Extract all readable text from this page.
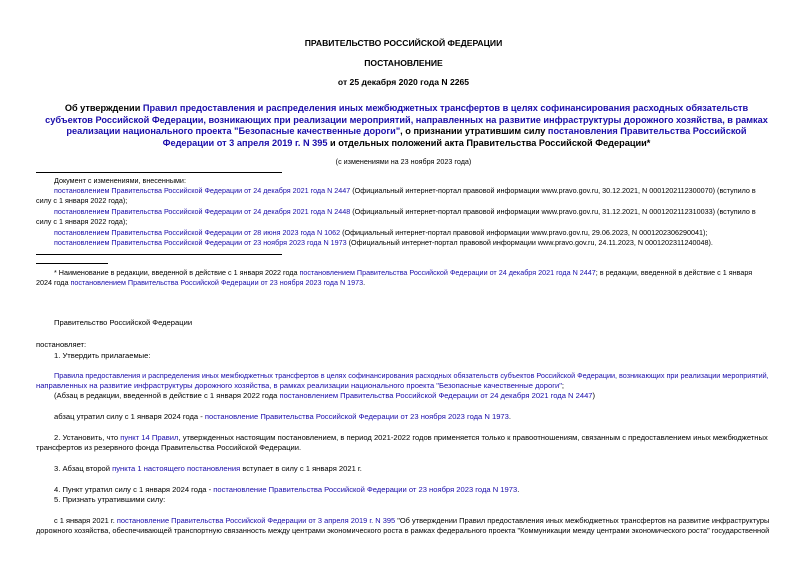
ПРАВИТЕЛЬСТВО РОССИЙСКОЙ ФЕДЕРАЦИИ
ПОСТАНОВЛЕНИЕ
от 25 декабря 2020 года N 2265
Об утверждении Правил предоставления и распределения иных межбюджетных трансфертов в целях софинансирования расходных обязательств субъектов Российской Федерации, возникающих при реализации мероприятий, направленных на развитие инфраструктуры дорожного хозяйства, в рамках реализации национального проекта "Безопасные качественные дороги", о признании утратившим силу постановления Правительства Российской Федерации от 3 апреля 2019 г. N 395 и отдельных положений акта Правительства Российской Федерации*
(с изменениями на 23 ноября 2023 года)
Документ с изменениями, внесенными:
постановлением Правительства Российской Федерации от 24 декабря 2021 года N 2447 (Официальный интернет-портал правовой информации www.pravo.gov.ru, 30.12.2021, N 0001202112300070) (вступило в
силу с 1 января 2022 года);
постановлением Правительства Российской Федерации от 24 декабря 2021 года N 2448 (Официальный интернет-портал правовой информации www.pravo.gov.ru, 31.12.2021, N 0001202112310033) (вступило в
силу с 1 января 2022 года);
постановлением Правительства Российской Федерации от 28 июня 2023 года N 1062 (Официальный интернет-портал правовой информации www.pravo.gov.ru, 29.06.2023, N 0001202306290041);
постановлением Правительства Российской Федерации от 23 ноября 2023 года N 1973 (Официальный интернет-портал правовой информации www.pravo.gov.ru, 24.11.2023, N 0001202311240048).
* Наименование в редакции, введенной в действие с 1 января 2022 года постановлением Правительства Российской Федерации от 24 декабря 2021 года N 2447; в редакции, введенной в действие с 1 января
2024 года постановлением Правительства Российской Федерации от 23 ноября 2023 года N 1973.
Правительство Российской Федерации
постановляет:
1. Утвердить прилагаемые:
Правила предоставления и распределения иных межбюджетных трансфертов в целях софинансирования расходных обязательств субъектов Российской Федерации, возникающих при реализации мероприятий,
направленных на развитие инфраструктуры дорожного хозяйства, в рамках реализации национального проекта "Безопасные качественные дороги";
(Абзац в редакции, введенной в действие с 1 января 2022 года постановлением Правительства Российской Федерации от 24 декабря 2021 года N 2447)
абзац утратил силу с 1 января 2024 года - постановление Правительства Российской Федерации от 23 ноября 2023 года N 1973.
2. Установить, что пункт 14 Правил, утвержденных настоящим постановлением, в период 2021-2022 годов применяется только к правоотношениям, связанным с предоставлением иных межбюджетных
трансфертов из резервного фонда Правительства Российской Федерации.
3. Абзац второй пункта 1 настоящего постановления вступает в силу с 1 января 2021 г.
4. Пункт утратил силу с 1 января 2024 года - постановление Правительства Российской Федерации от 23 ноября 2023 года N 1973.
5. Признать утратившими силу:
с 1 января 2021 г. постановление Правительства Российской Федерации от 3 апреля 2019 г. N 395 "Об утверждении Правил предоставления иных межбюджетных трансфертов на развитие инфраструктуры
дорожного хозяйства, обеспечивающей транспортную связанность между центрами экономического роста в рамках федерального проекта "Коммуникации между центрами экономического роста" государственной
